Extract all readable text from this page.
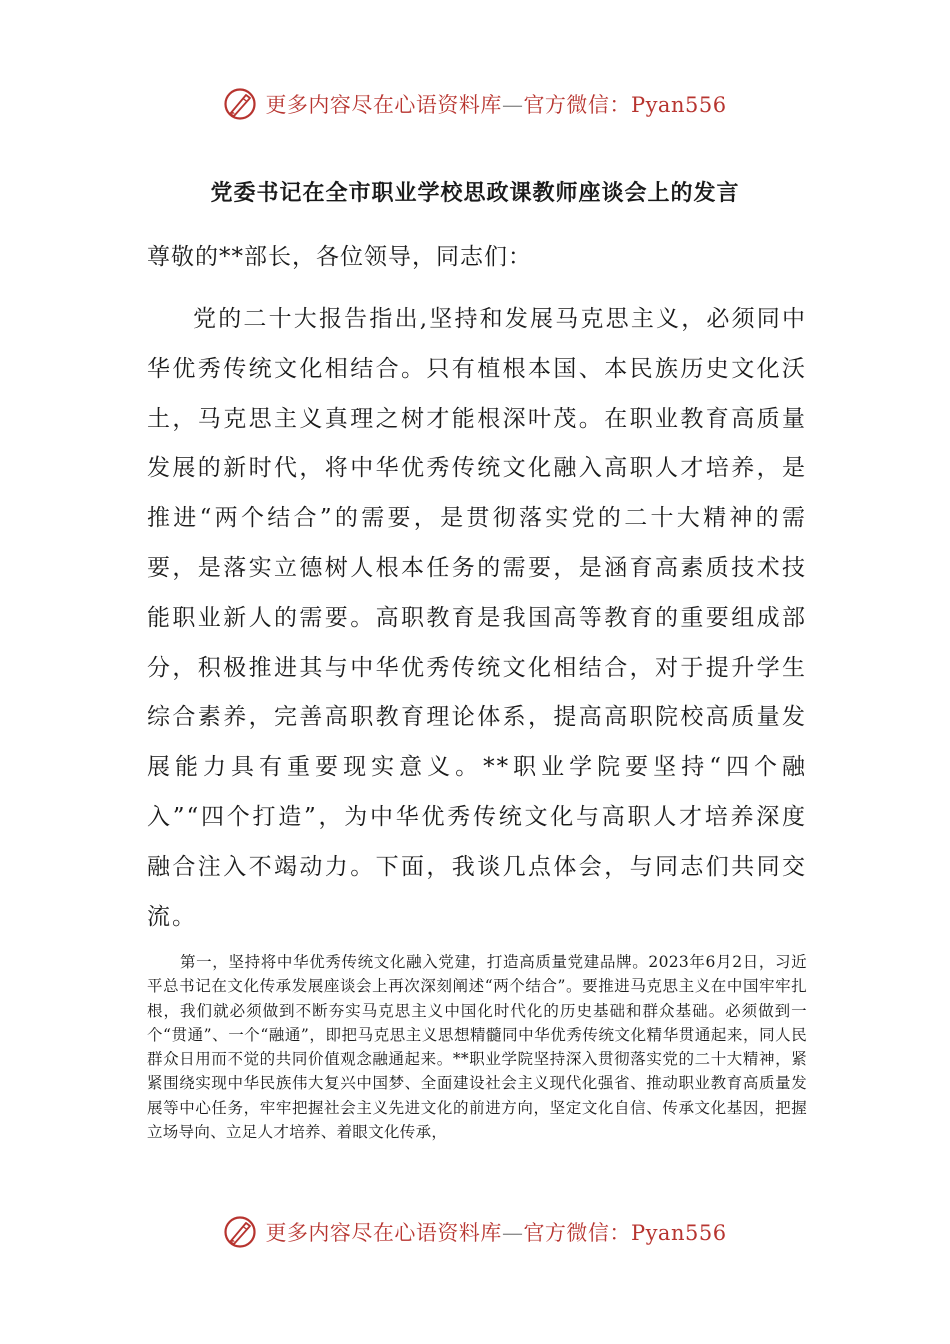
更多内容尽在心语资料库—官方微信：Pyan556
党委书记在全市职业学校思政课教师座谈会上的发言
尊敬的**部长，各位领导，同志们：

党的二十大报告指出,坚持和发展马克思主义，必须同中华优秀传统文化相结合。只有植根本国、本民族历史文化沃土，马克思主义真理之树才能根深叶茂。在职业教育高质量发展的新时代，将中华优秀传统文化融入高职人才培养，是推进“两个结合”的需要，是贯彻落实党的二十大精神的需要，是落实立德树人根本任务的需要，是涵育高素质技术技能职业新人的需要。高职教育是我国高等教育的重要组成部分，积极推进其与中华优秀传统文化相结合，对于提升学生综合素养，完善高职教育理论体系，提高高职院校高质量发展能力具有重要现实意义。**职业学院要坚持“四个融入”“四个打造”，为中华优秀传统文化与高职人才培养深度融合注入不竭动力。下面，我谈几点体会，与同志们共同交流。

第一，坚持将中华优秀传统文化融入党建，打造高质量党建品牌。2023年6月2日，习近平总书记在文化传承发展座谈会上再次深刻阐述“两个结合”。要推进马克思主义在中国牢牢扎根，我们就必须做到不断夯实马克思主义中国化时代化的历史基础和群众基础。必须做到一个“贯通”、一个“融通”，即把马克思主义思想精髓同中华优秀传统文化精华贯通起来，同人民群众日用而不觉的共同价值观念融通起来。**职业学院坚持深入贯彻落实党的二十大精神，紧紧围绕实现中华民族伟大复兴中国梦、全面建设社会主义现代化强省、推动职业教育高质量发展等中心任务，牢牢把握社会主义先进文化的前进方向，坚定文化自信、传承文化基因，把握立场导向、立足人才培养、着眼文化传承，

更多内容尽在心语资料库—官方微信：Pyan556
